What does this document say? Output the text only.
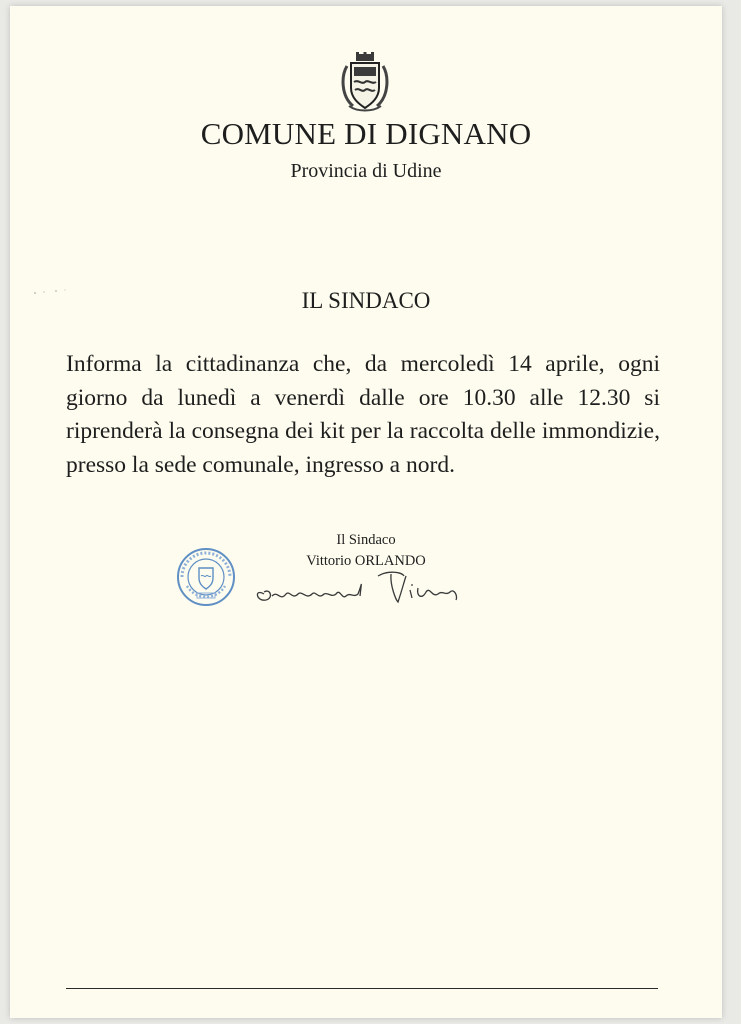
COMUNE DI DIGNANO
Provincia di Udine
IL SINDACO
Informa la cittadinanza che, da mercoledì 14 aprile, ogni giorno da lunedì a venerdì dalle ore 10.30 alle 12.30 si riprenderà la consegna dei kit per la raccolta delle immondizie, presso la sede comunale, ingresso a nord.
Il Sindaco
Vittorio ORLANDO
